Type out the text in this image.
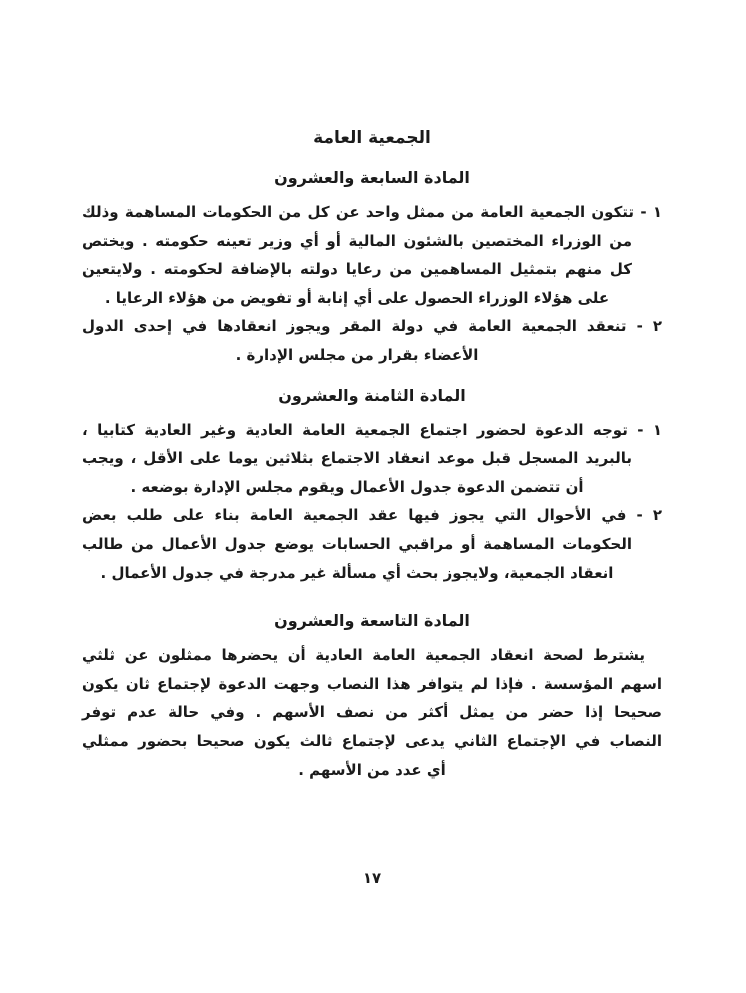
الجمعية العامة
المادة السابعة والعشرون
١ - تتكون الجمعية العامة من ممثل واحد عن كل من الحكومات المساهمة وذلك
من الوزراء المختصين بالشئون المالية أو أي وزير تعينه حكومته . ويختص
كل منهم بتمثيل المساهمين من رعايا دولته بالإضافة لحكومته . ولايتعين
على هؤلاء الوزراء الحصول على أي إنابة أو تفويض من هؤلاء الرعايا .
٢ - تنعقد الجمعية العامة في دولة المقر ويجوز انعقادها في إحدى الدول
الأعضاء بقرار من مجلس الإدارة .
المادة الثامنة والعشرون
١ - توجه الدعوة لحضور اجتماع الجمعية العامة العادية وغير العادية كتابيا ،
بالبريد المسجل قبل موعد انعقاد الاجتماع بثلاثين يوما على الأقل ، ويجب
أن تتضمن الدعوة جدول الأعمال ويقوم مجلس الإدارة بوضعه .
٢ - في الأحوال التي يجوز فيها عقد الجمعية العامة بناء على طلب بعض
الحكومات المساهمة أو مراقبي الحسابات يوضع جدول الأعمال من طالب
انعقاد الجمعية، ولايجوز بحث أي مسألة غير مدرجة في جدول الأعمال .
المادة التاسعة والعشرون
يشترط لصحة انعقاد الجمعية العامة العادية أن يحضرها ممثلون عن ثلثي
اسهم المؤسسة . فإذا لم يتوافر هذا النصاب وجهت الدعوة لإجتماع ثان يكون
صحيحا إذا حضر من يمثل أكثر من نصف الأسهم . وفي حالة عدم توفر
النصاب في الإجتماع الثاني يدعى لإجتماع ثالث يكون صحيحا بحضور ممثلي
أي عدد من الأسهم .
١٧
